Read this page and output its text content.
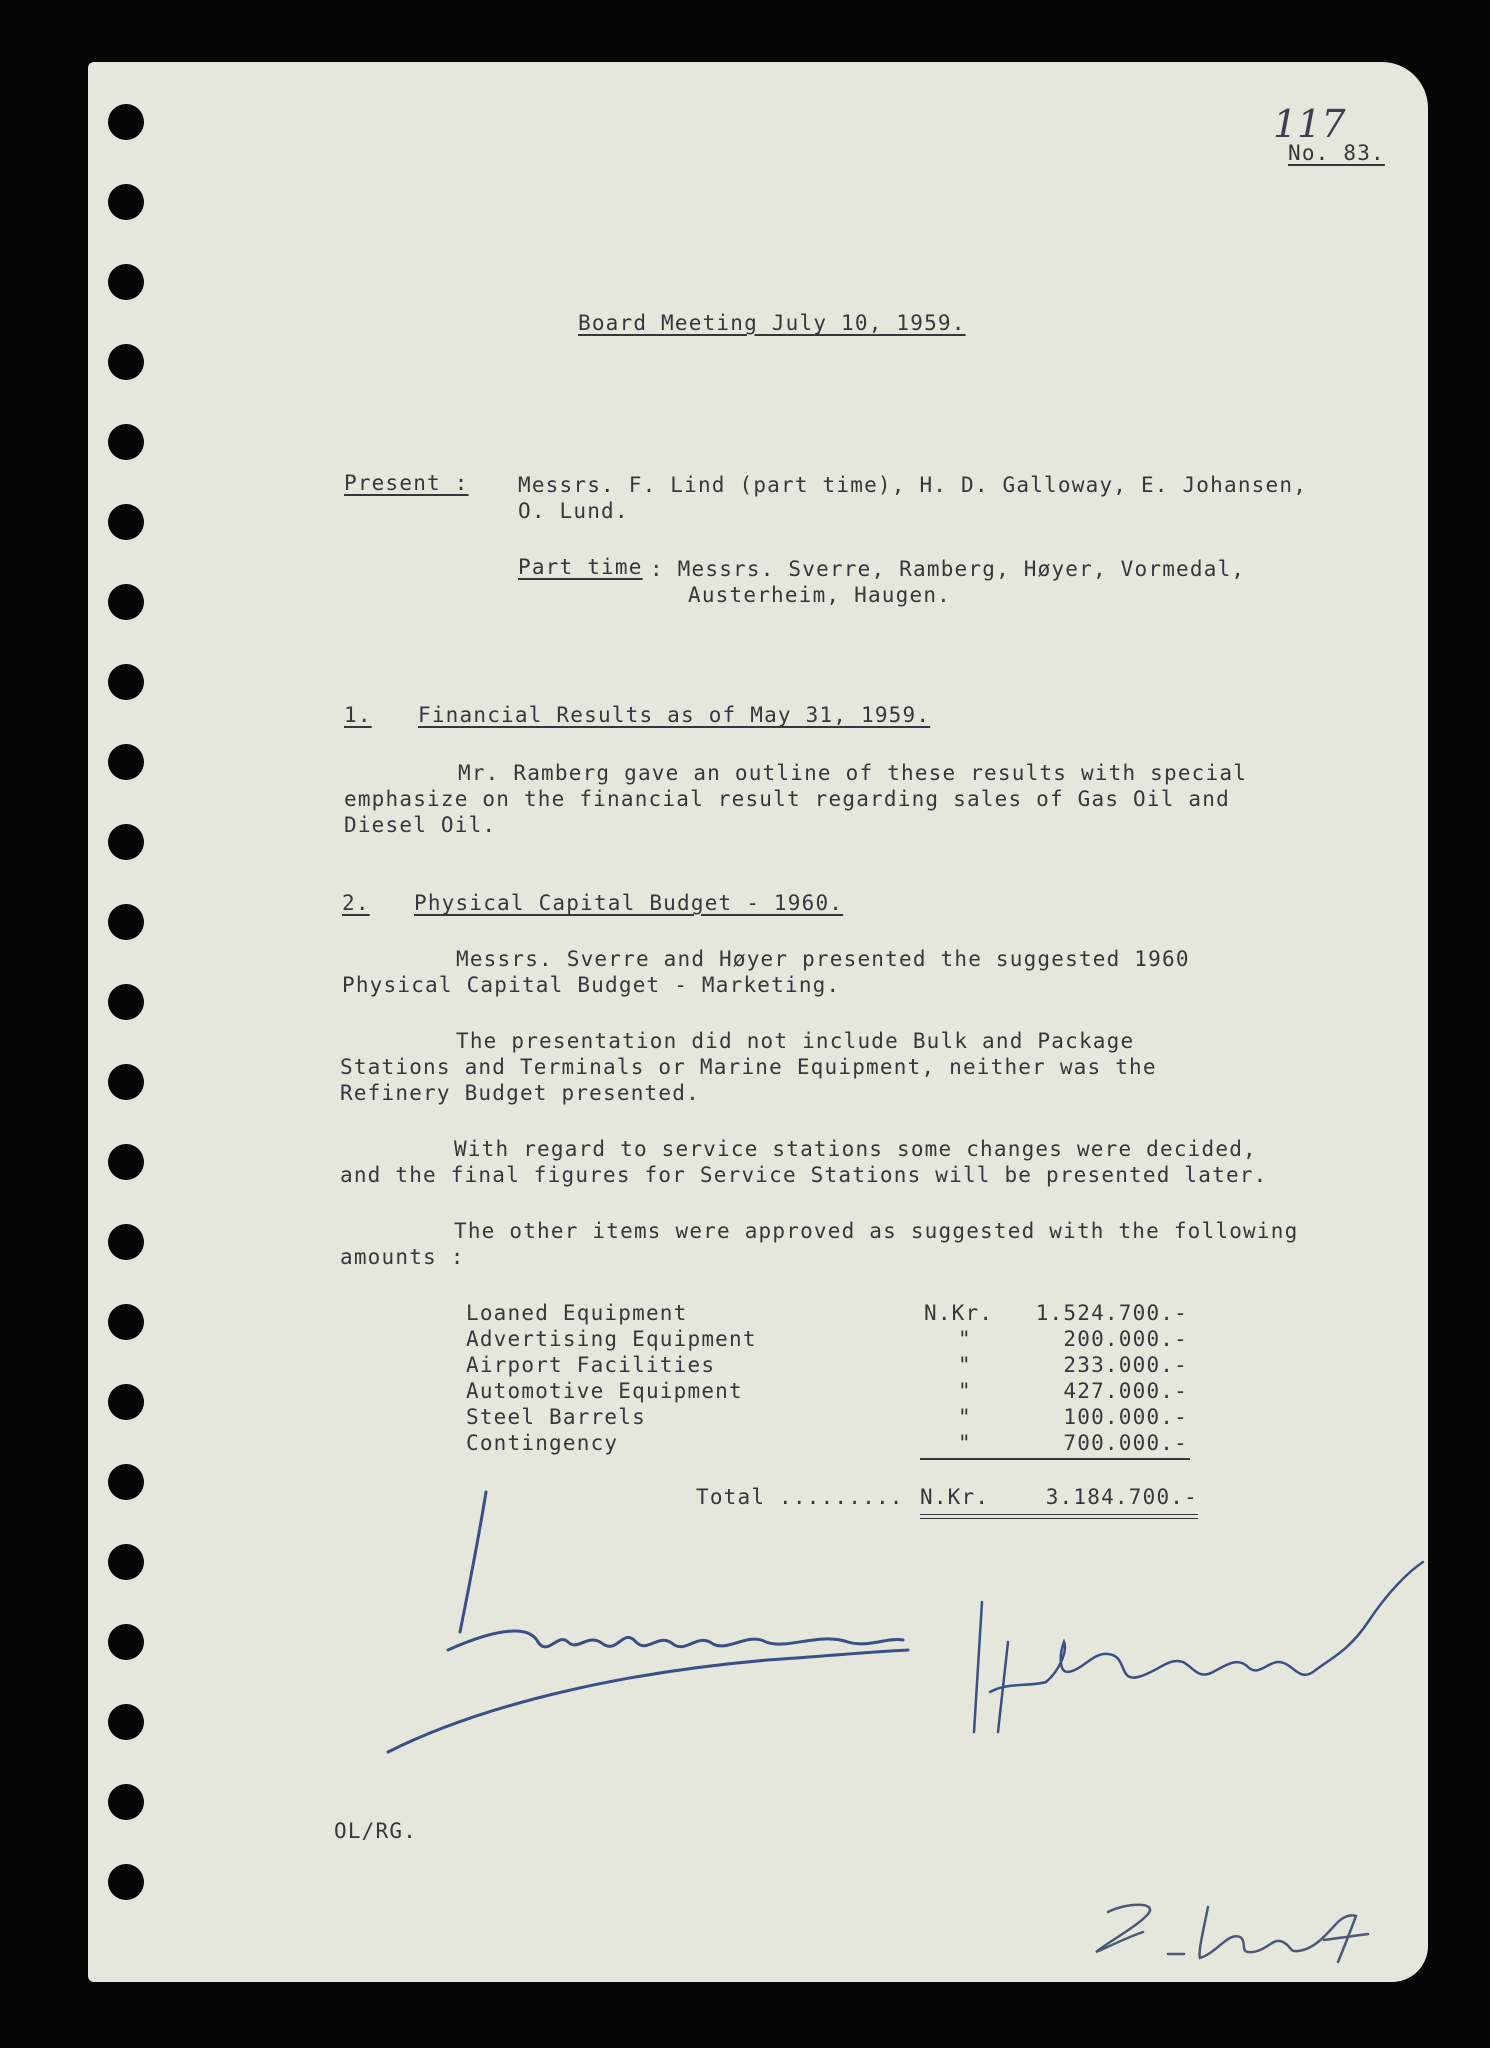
117
No. 83.
Board Meeting July 10, 1959.
Present : Messrs. F. Lind (part time), H. D. Galloway, E. Johansen,
O. Lund.
Part time : Messrs. Sverre, Ramberg, Høyer, Vormedal,
Austerheim, Haugen.
1. Financial Results as of May 31, 1959.
Mr. Ramberg gave an outline of these results with special
emphasize on the financial result regarding sales of Gas Oil and
Diesel Oil.
2. Physical Capital Budget - 1960.
Messrs. Sverre and Høyer presented the suggested 1960
Physical Capital Budget - Marketing.
The presentation did not include Bulk and Package
Stations and Terminals or Marine Equipment, neither was the
Refinery Budget presented.
With regard to service stations some changes were decided,
and the final figures for Service Stations will be presented later.
The other items were approved as suggested with the following
amounts :
Loaned Equipment	N.Kr.	1.524.700.-
Advertising Equipment	"	200.000.-
Airport Facilities	"	233.000.-
Automotive Equipment	"	427.000.-
Steel Barrels	"	100.000.-
Contingency	"	700.000.-
Total ......... N.Kr.	3.184.700.-
OL/RG.
